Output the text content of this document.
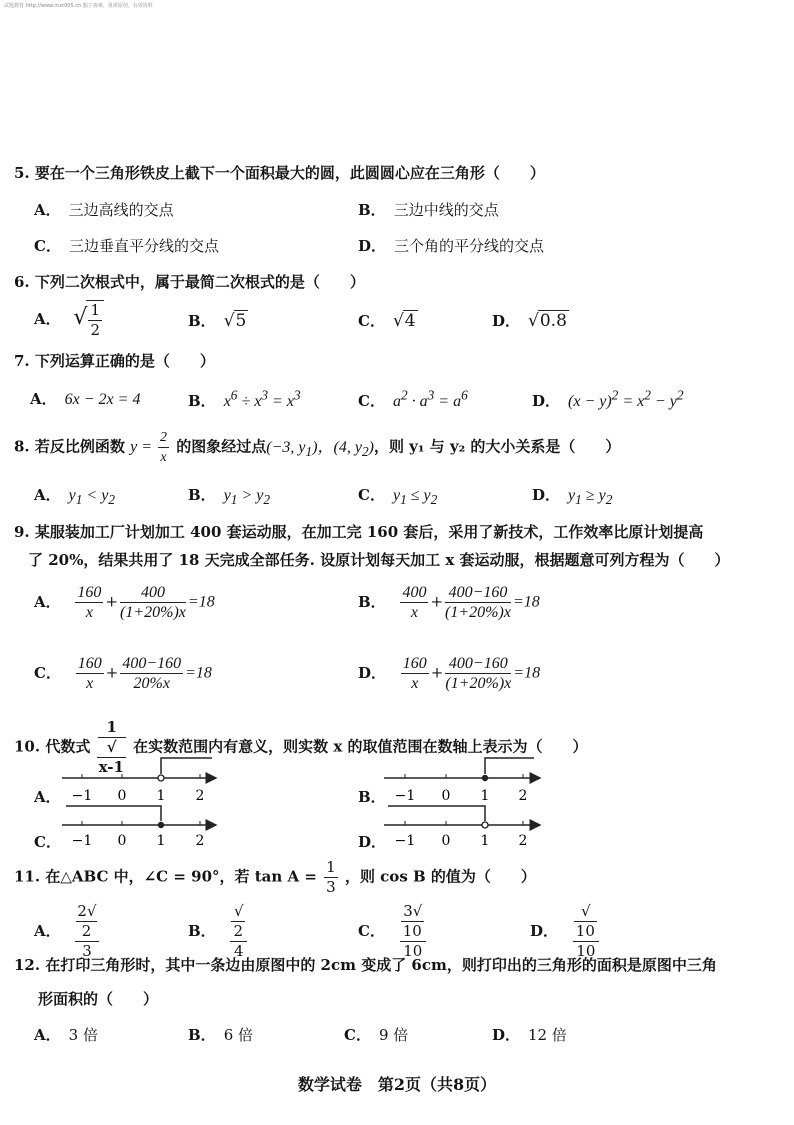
试题教育 http://www.mxt005.cn 独立客观、重视原创、有效资料
5. 要在一个三角形铁皮上截下一个面积最大的圆，此圆圆心应在三角形（　　）
A． 三边高线的交点	B． 三边中线的交点
C． 三边垂直平分线的交点	D． 三个角的平分线的交点
6. 下列二次根式中，属于最简二次根式的是（　　）
A． √ $\frac{1}{2}$	B． √5	C． √4	D． √0.8
7. 下列运算正确的是（　　）
A． 6x − 2x = 4	B． $x^6 \div x^3 = x^3$	C． $a^2 \cdot a^3 = a^6$	D． $(x - y)^2 = x^2 - y^2$
8. 若反比例函数 $y = \frac{2}{x}$ 的图象经过点(−3, $y_1$)，(4, $y_2$)，则 y₁ 与 y₂ 的大小关系是（　　）
A． $y_1 < y_2$	B． $y_1 > y_2$	C． $y_1 \le y_2$	D． $y_1 \ge y_2$
9. 某服装加工厂计划加工 400 套运动服，在加工完 160 套后，采用了新技术，工作效率比原计划提高
了 20%，结果共用了 18 天完成全部任务. 设原计划每天加工 x 套运动服，根据题意可列方程为（　　）
A． $\frac{160}{x} + \frac{400}{(1+20\%)x} =18$	B． $\frac{400}{x} + \frac{400-160}{(1+20\%)x} =18$
C． $\frac{160}{x} + \frac{400-160}{20\%x} =18$	D． $\frac{160}{x} + \frac{400-160}{(1+20\%)x} =18$
10. 代数式 1
√
x-1 在实数范围内有意义，则实数 x 的取值范围在数轴上表示为（　　）
A．	B．
C．	D．
−1 0 1 2	−1 0 1 2
−1 0 1 2	−1 0 1 2
11. 在△ABC 中，∠C = 90°，若 $\tan A = \frac{1}{3}$ ，则 cos B 的值为（　　）
A． 2√
2
3	B． √
2
4	C． 3√
10
10	D． √
10
10
12. 在打印三角形时，其中一条边由原图中的 2cm 变成了 6cm，则打印出的三角形的面积是原图中三角
形面积的（　　）
A． 3 倍	B． 6 倍	C． 9 倍	D． 12 倍
数学试卷　第2页（共8页）
